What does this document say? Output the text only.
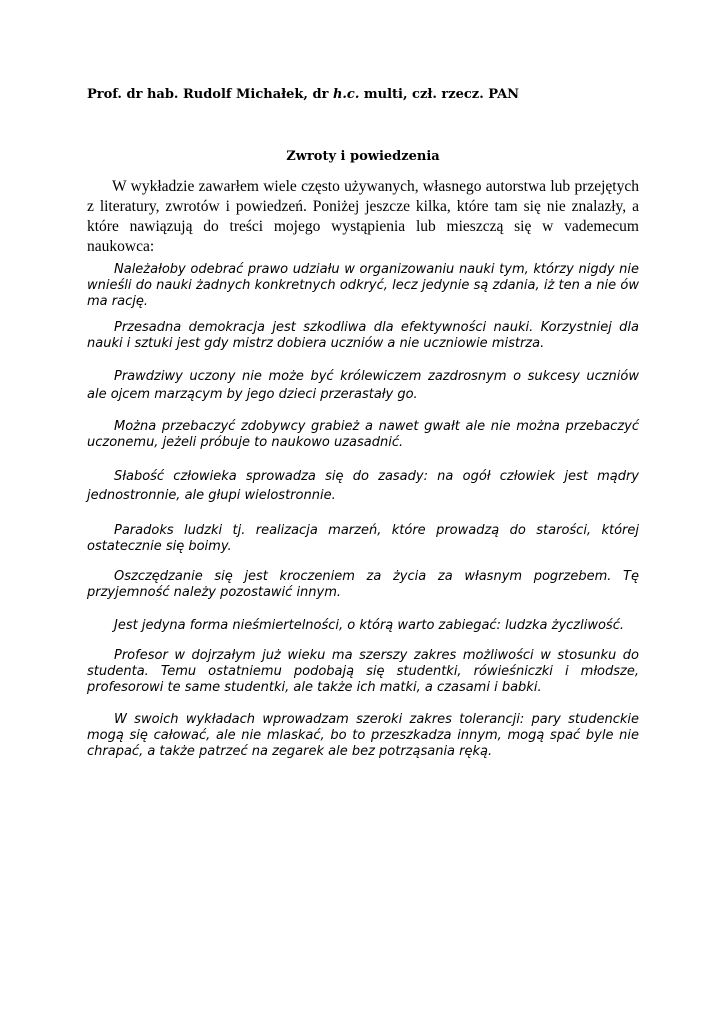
Prof. dr hab. Rudolf Michałek, dr h.c. multi, czł. rzecz. PAN
Zwroty i powiedzenia

W wykładzie zawarłem wiele często używanych, własnego autorstwa lub przejętych z literatury, zwrotów i powiedzeń. Poniżej jeszcze kilka, które tam się nie znalazły, a które nawiązują do treści mojego wystąpienia lub mieszczą się w vademecum naukowca:

Należałoby odebrać prawo udziału w organizowaniu nauki tym, którzy nigdy nie wnieśli do nauki żadnych konkretnych odkryć, lecz jedynie są zdania, iż ten a nie ów ma rację.

Przesadna demokracja jest szkodliwa dla efektywności nauki. Korzystniej dla nauki i sztuki jest gdy mistrz dobiera uczniów a nie uczniowie mistrza.

Prawdziwy uczony nie może być królewiczem zazdrosnym o sukcesy uczniów ale ojcem marzącym by jego dzieci przerastały go.

Można przebaczyć zdobywcy grabież a nawet gwałt ale nie można przebaczyć uczonemu, jeżeli próbuje to naukowo uzasadnić.

Słabość człowieka sprowadza się do zasady: na ogół człowiek jest mądry jednostronnie, ale głupi wielostronnie.

Paradoks ludzki tj. realizacja marzeń, które prowadzą do starości, której ostatecznie się boimy.

Oszczędzanie się jest kroczeniem za życia za własnym pogrzebem. Tę przyjemność należy pozostawić innym.

Jest jedyna forma nieśmiertelności, o którą warto zabiegać: ludzka życzliwość.

Profesor w dojrzałym już wieku ma szerszy zakres możliwości w stosunku do studenta. Temu ostatniemu podobają się studentki, rówieśniczki i młodsze, profesorowi te same studentki, ale także ich matki, a czasami i babki.

W swoich wykładach wprowadzam szeroki zakres tolerancji: pary studenckie mogą się całować, ale nie mlaskać, bo to przeszkadza innym, mogą spać byle nie chrapać, a także patrzeć na zegarek ale bez potrząsania ręką.
